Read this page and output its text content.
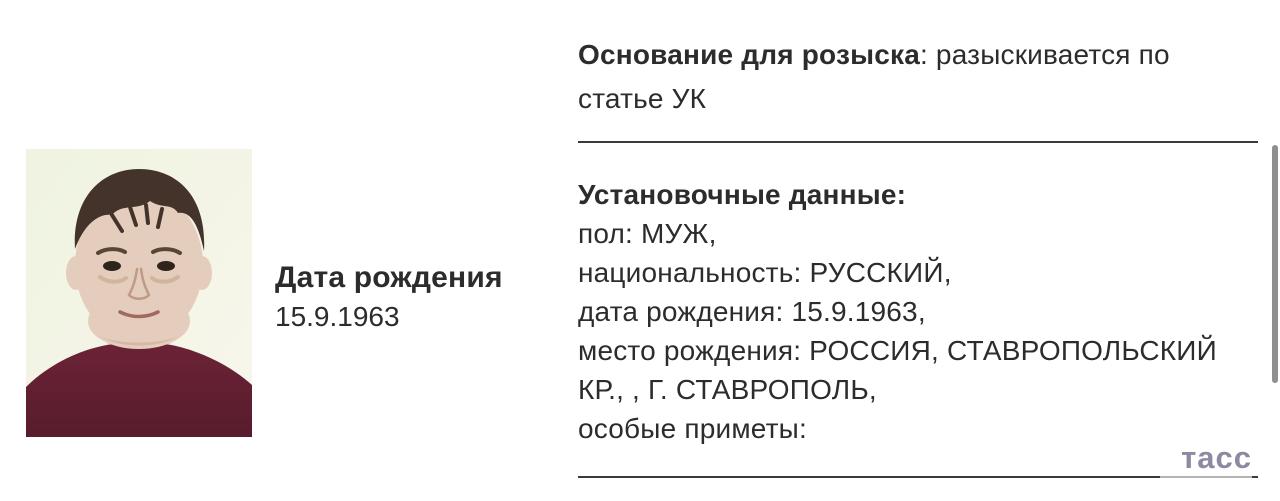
Дата рождения
15.9.1963
Основание для розыска: разыскивается по статье УК
Установочные данные:
пол: МУЖ,
национальность: РУССКИЙ,
дата рождения: 15.9.1963,
место рождения: РОССИЯ, СТАВРОПОЛЬСКИЙ КР., , Г. СТАВРОПОЛЬ,
особые приметы:
тасс
